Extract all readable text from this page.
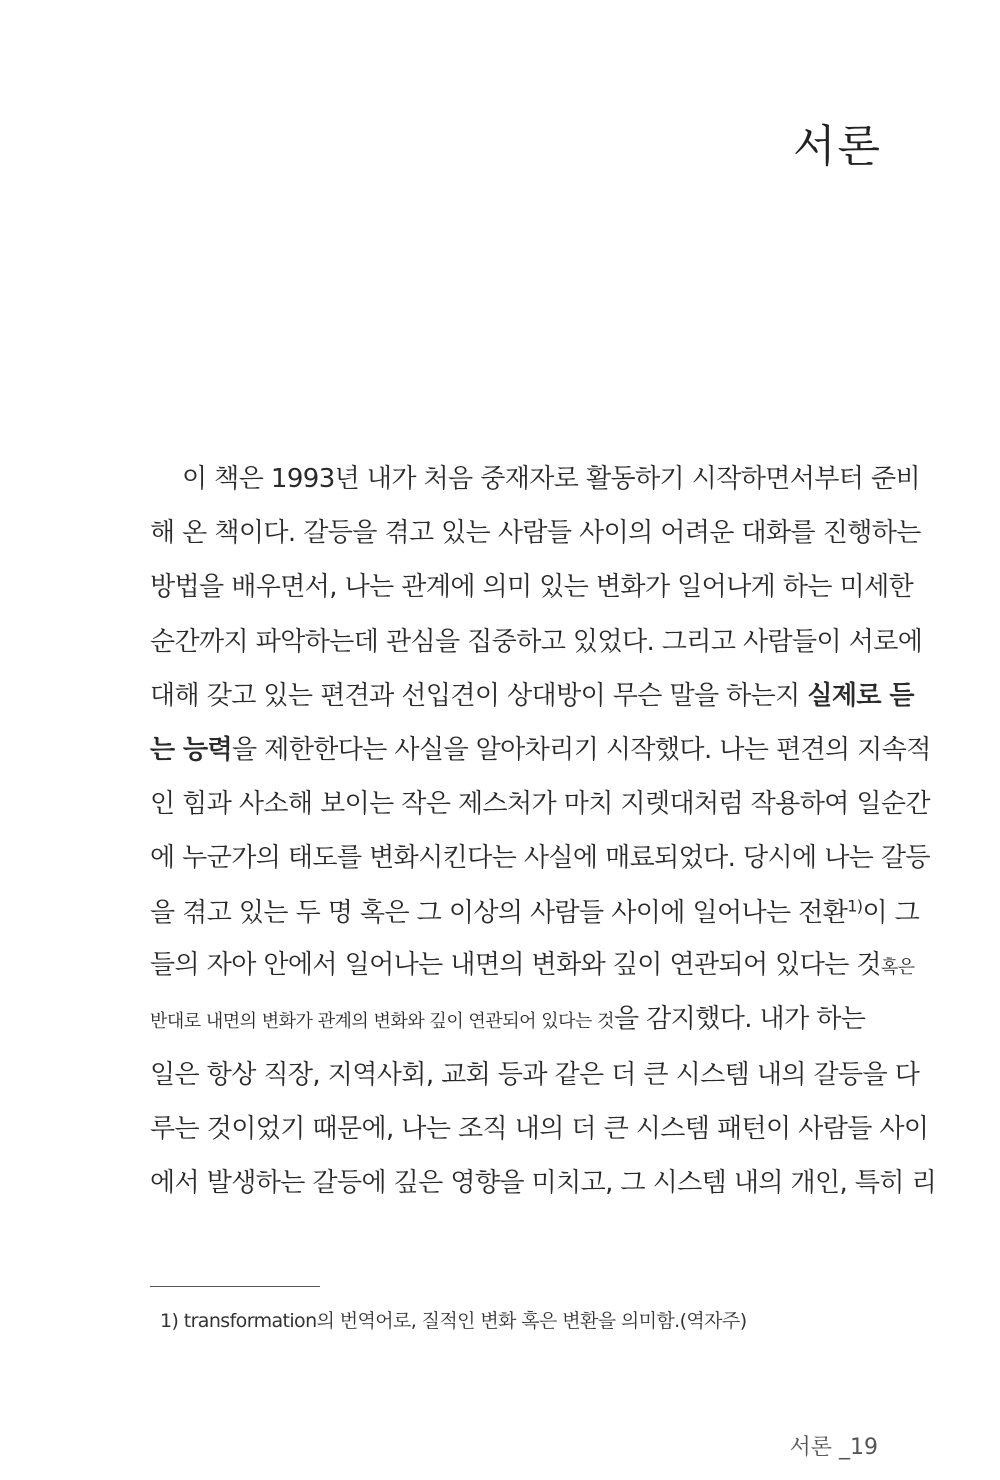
서론
이 책은 1993년 내가 처음 중재자로 활동하기 시작하면서부터 준비
해 온 책이다. 갈등을 겪고 있는 사람들 사이의 어려운 대화를 진행하는
방법을 배우면서, 나는 관계에 의미 있는 변화가 일어나게 하는 미세한
순간까지 파악하는데 관심을 집중하고 있었다. 그리고 사람들이 서로에
대해 갖고 있는 편견과 선입견이 상대방이 무슨 말을 하는지 실제로 듣
는 능력을 제한한다는 사실을 알아차리기 시작했다. 나는 편견의 지속적
인 힘과 사소해 보이는 작은 제스처가 마치 지렛대처럼 작용하여 일순간
에 누군가의 태도를 변화시킨다는 사실에 매료되었다. 당시에 나는 갈등
을 겪고 있는 두 명 혹은 그 이상의 사람들 사이에 일어나는 전환$^{1)}$이 그
들의 자아 안에서 일어나는 내면의 변화와 깊이 연관되어 있다는 것혹은
반대로 내면의 변화가 관계의 변화와 깊이 연관되어 있다는 것을 감지했다. 내가 하는
일은 항상 직장, 지역사회, 교회 등과 같은 더 큰 시스템 내의 갈등을 다
루는 것이었기 때문에, 나는 조직 내의 더 큰 시스템 패턴이 사람들 사이
에서 발생하는 갈등에 깊은 영향을 미치고, 그 시스템 내의 개인, 특히 리
1) transformation의 번역어로, 질적인 변화 혹은 변환을 의미함.(역자주)
서론 _19
